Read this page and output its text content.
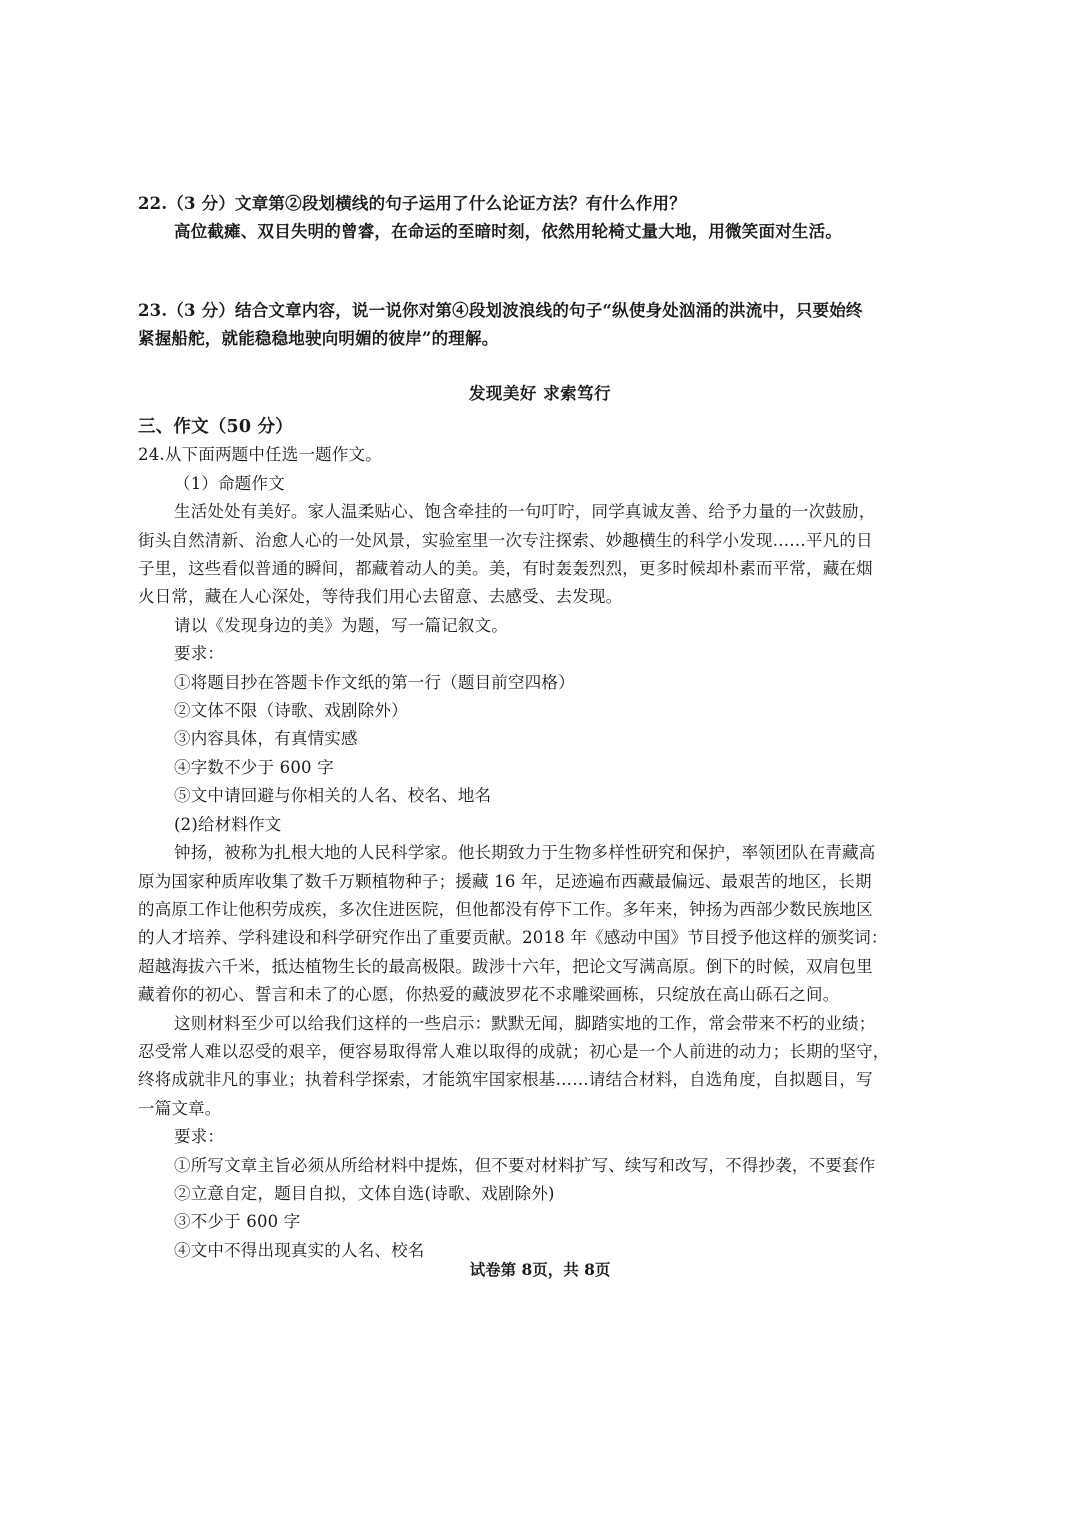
22.（3 分）文章第②段划横线的句子运用了什么论证方法？有什么作用？
高位截瘫、双目失明的曾睿，在命运的至暗时刻，依然用轮椅丈量大地，用微笑面对生活。
23.（3 分）结合文章内容，说一说你对第④段划波浪线的句子“纵使身处汹涌的洪流中，只要始终
紧握船舵，就能稳稳地驶向明媚的彼岸”的理解。
发现美好 求索笃行
三、作文（50 分）
24.从下面两题中任选一题作文。
（1）命题作文
生活处处有美好。家人温柔贴心、饱含牵挂的一句叮咛，同学真诚友善、给予力量的一次鼓励，
街头自然清新、治愈人心的一处风景，实验室里一次专注探索、妙趣横生的科学小发现……平凡的日
子里，这些看似普通的瞬间，都藏着动人的美。美，有时轰轰烈烈，更多时候却朴素而平常，藏在烟
火日常，藏在人心深处，等待我们用心去留意、去感受、去发现。
请以《发现身边的美》为题，写一篇记叙文。
要求：
①将题目抄在答题卡作文纸的第一行（题目前空四格）
②文体不限（诗歌、戏剧除外）
③内容具体，有真情实感
④字数不少于 600 字
⑤文中请回避与你相关的人名、校名、地名
(2)给材料作文
钟扬，被称为扎根大地的人民科学家。他长期致力于生物多样性研究和保护，率领团队在青藏高
原为国家种质库收集了数千万颗植物种子；援藏 16 年，足迹遍布西藏最偏远、最艰苦的地区，长期
的高原工作让他积劳成疾，多次住进医院，但他都没有停下工作。多年来，钟扬为西部少数民族地区
的人才培养、学科建设和科学研究作出了重要贡献。2018 年《感动中国》节目授予他这样的颁奖词：
超越海拔六千米，抵达植物生长的最高极限。跋涉十六年，把论文写满高原。倒下的时候，双肩包里
藏着你的初心、誓言和未了的心愿，你热爱的藏波罗花不求雕梁画栋，只绽放在高山砾石之间。
这则材料至少可以给我们这样的一些启示：默默无闻，脚踏实地的工作，常会带来不朽的业绩；
忍受常人难以忍受的艰辛，便容易取得常人难以取得的成就；初心是一个人前进的动力；长期的坚守，
终将成就非凡的事业；执着科学探索，才能筑牢国家根基……请结合材料，自选角度，自拟题目，写
一篇文章。
要求：
①所写文章主旨必须从所给材料中提炼，但不要对材料扩写、续写和改写，不得抄袭，不要套作
②立意自定，题目自拟，文体自选(诗歌、戏剧除外)
③不少于 600 字
④文中不得出现真实的人名、校名
试卷第 8页，共 8页
